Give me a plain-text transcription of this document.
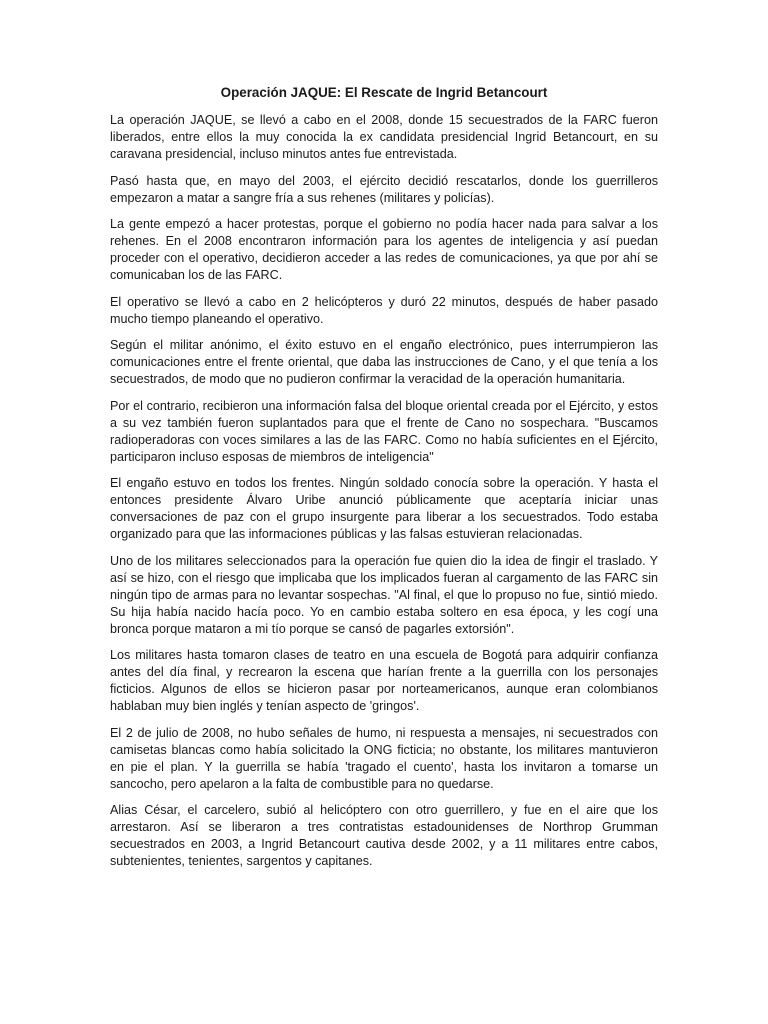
Operación JAQUE: El Rescate de Ingrid Betancourt

La operación JAQUE, se llevó a cabo en el 2008, donde 15 secuestrados de la FARC fueron liberados, entre ellos la muy conocida la ex candidata presidencial Ingrid Betancourt, en su caravana presidencial, incluso minutos antes fue entrevistada.

Pasó hasta que, en mayo del 2003, el ejército decidió rescatarlos, donde los guerrilleros empezaron a matar a sangre fría a sus rehenes (militares y policías).

La gente empezó a hacer protestas, porque el gobierno no podía hacer nada para salvar a los rehenes. En el 2008 encontraron información para los agentes de inteligencia y así puedan proceder con el operativo, decidieron acceder a las redes de comunicaciones, ya que por ahí se comunicaban los de las FARC.

El operativo se llevó a cabo en 2 helicópteros y duró 22 minutos, después de haber pasado mucho tiempo planeando el operativo.

Según el militar anónimo, el éxito estuvo en el engaño electrónico, pues interrumpieron las comunicaciones entre el frente oriental, que daba las instrucciones de Cano, y el que tenía a los secuestrados, de modo que no pudieron confirmar la veracidad de la operación humanitaria.

Por el contrario, recibieron una información falsa del bloque oriental creada por el Ejército, y estos a su vez también fueron suplantados para que el frente de Cano no sospechara. "Buscamos radioperadoras con voces similares a las de las FARC. Como no había suficientes en el Ejército, participaron incluso esposas de miembros de inteligencia"

El engaño estuvo en todos los frentes. Ningún soldado conocía sobre la operación. Y hasta el entonces presidente Álvaro Uribe anunció públicamente que aceptaría iniciar unas conversaciones de paz con el grupo insurgente para liberar a los secuestrados. Todo estaba organizado para que las informaciones públicas y las falsas estuvieran relacionadas.

Uno de los militares seleccionados para la operación fue quien dio la idea de fingir el traslado. Y así se hizo, con el riesgo que implicaba que los implicados fueran al cargamento de las FARC sin ningún tipo de armas para no levantar sospechas. "Al final, el que lo propuso no fue, sintió miedo. Su hija había nacido hacía poco. Yo en cambio estaba soltero en esa época, y les cogí una bronca porque mataron a mi tío porque se cansó de pagarles extorsión".

Los militares hasta tomaron clases de teatro en una escuela de Bogotá para adquirir confianza antes del día final, y recrearon la escena que harían frente a la guerrilla con los personajes ficticios. Algunos de ellos se hicieron pasar por norteamericanos, aunque eran colombianos hablaban muy bien inglés y tenían aspecto de 'gringos'.

El 2 de julio de 2008, no hubo señales de humo, ni respuesta a mensajes, ni secuestrados con camisetas blancas como había solicitado la ONG ficticia; no obstante, los militares mantuvieron en pie el plan. Y la guerrilla se había 'tragado el cuento', hasta los invitaron a tomarse un sancocho, pero apelaron a la falta de combustible para no quedarse.

Alias César, el carcelero, subió al helicóptero con otro guerrillero, y fue en el aire que los arrestaron. Así se liberaron a tres contratistas estadounidenses de Northrop Grumman secuestrados en 2003, a Ingrid Betancourt cautiva desde 2002, y a 11 militares entre cabos, subtenientes, tenientes, sargentos y capitanes.
